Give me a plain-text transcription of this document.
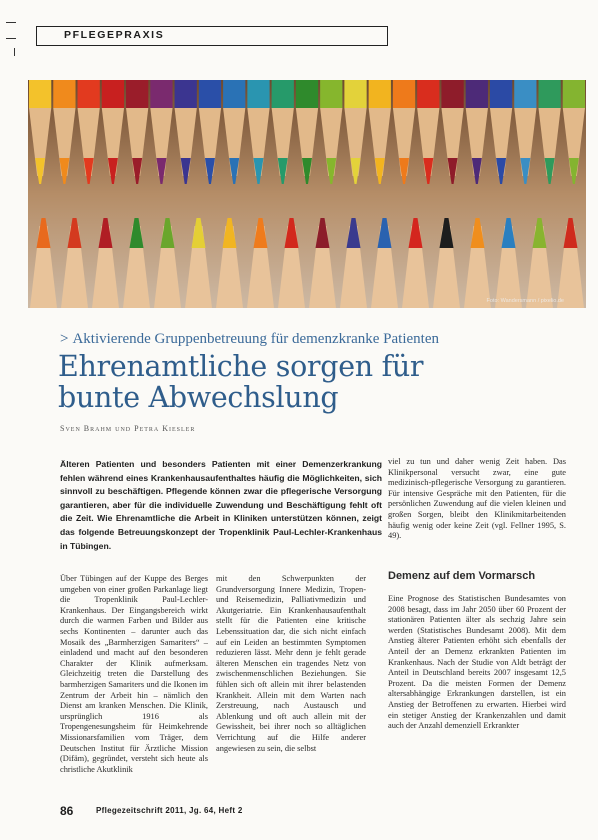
PFLEGEPRAXIS
Foto: Wandersmann / pixelio.de
> Aktivierende Gruppenbetreuung für demenzkranke Patienten
Ehrenamtliche sorgen für
bunte Abwechslung
Sven Brahm und Petra Kiesler

Älteren Patienten und besonders Patienten mit einer Demenzerkrankung fehlen während eines Krankenhausaufenthaltes häufig die Möglichkeiten, sich sinnvoll zu beschäftigen. Pflegende können zwar die pflegerische Versorgung garantieren, aber für die individuelle Zuwendung und Beschäftigung fehlt oft die Zeit. Wie Ehrenamtliche die Arbeit in Kliniken unterstützen können, zeigt das folgende Betreuungskonzept der Tropenklinik Paul-Lechler-Krankenhaus in Tübingen.

Über Tübingen auf der Kuppe des Berges umgeben von einer großen Parkanlage liegt die Tropenklinik Paul-Lechler-Krankenhaus. Der Eingangsbereich wirkt durch die warmen Farben und Bilder aus sechs Kontinenten – darunter auch das Mosaik des „Barmherzigen Samariters“ – einladend und macht auf den besonderen Charakter der Klinik aufmerksam. Gleichzeitig treten die Darstellung des barmherzigen Samariters und die Ikonen im Zentrum der Arbeit hin – nämlich den Dienst am kranken Menschen. Die Klinik, ursprünglich 1916 als Tropengenesungsheim für Heimkehrende Missionarsfamilien vom Träger, dem Deutschen Institut für Ärztliche Mission (Difäm), gegründet, versteht sich heute als christliche Akutklinik

mit den Schwerpunkten der Grundversorgung Innere Medizin, Tropen- und Reisemedizin, Palliativmedizin und Akutgeriatrie. Ein Krankenhausaufenthalt stellt für die Patienten eine kritische Lebenssituation dar, die sich nicht einfach auf ein Leiden an bestimmten Symptomen reduzieren lässt. Mehr denn je fehlt gerade älteren Menschen ein tragendes Netz von zwischenmenschlichen Beziehungen. Sie fühlen sich oft allein mit ihrer belastenden Krankheit. Allein mit dem Warten nach Zerstreuung, nach Austausch und Ablenkung und oft auch allein mit der Gewissheit, bei ihrer noch so alltäglichen Verrichtung auf die Hilfe anderer angewiesen zu sein, die selbst

viel zu tun und daher wenig Zeit haben. Das Klinikpersonal versucht zwar, eine gute medizinisch-pflegerische Versorgung zu garantieren. Für intensive Gespräche mit den Patienten, für die persönlichen Zuwendung auf die vielen kleinen und großen Sorgen, bleibt den Klinikmitarbeitenden häufig wenig oder keine Zeit (vgl. Fellner 1995, S. 49).

Demenz auf dem Vormarsch

Eine Prognose des Statistischen Bundesamtes von 2008 besagt, dass im Jahr 2050 über 60 Prozent der stationären Patienten älter als sechzig Jahre sein werden (Statistisches Bundesamt 2008). Mit dem Anstieg älterer Patienten erhöht sich ebenfalls der Anteil der an Demenz erkrankten Patienten im Krankenhaus. Nach der Studie von Aldt beträgt der Anteil in Deutschland bereits 2007 insgesamt 12,5 Prozent. Da die meisten Formen der Demenz altersabhängige Erkrankungen darstellen, ist ein Anstieg der Betroffenen zu erwarten. Hierbei wird ein stetiger Anstieg der Krankenzahlen und damit auch der Anzahl demenziell Erkrankter

86	Pflegezeitschrift 2011, Jg. 64, Heft 2
